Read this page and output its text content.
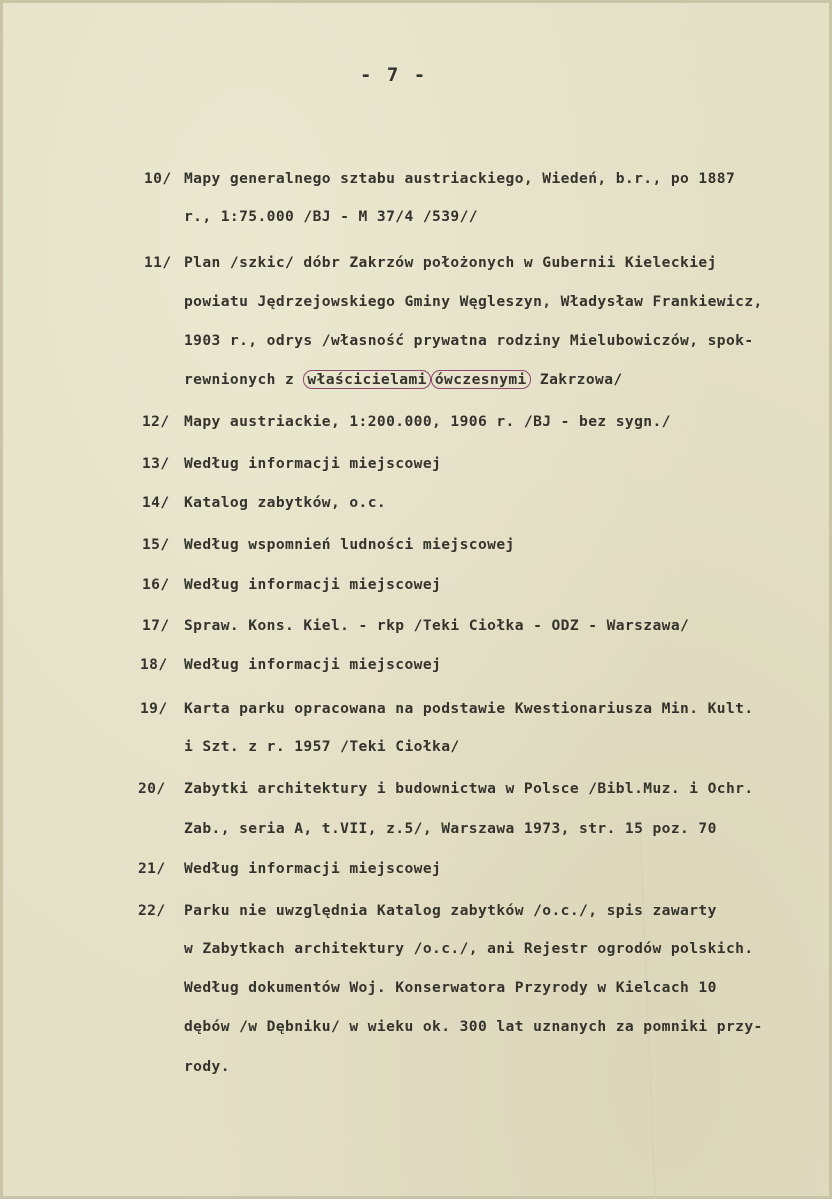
- 7 -
10/ Mapy generalnego sztabu austriackiego, Wiedeń, b.r., po 1887
r., 1:75.000 /BJ - M 37/4 /539//
11/ Plan /szkic/ dóbr Zakrzów położonych w Gubernii Kieleckiej
powiatu Jędrzejowskiego Gminy Węgleszyn, Władysław Frankiewicz,
1903 r., odrys /własność prywatna rodziny Mielubowiczów, spok-
rewnionych z właścicielami ówczesnymi Zakrzowa/
12/ Mapy austriackie, 1:200.000, 1906 r. /BJ - bez sygn./
13/ Według informacji miejscowej
14/ Katalog zabytków, o.c.
15/ Według wspomnień ludności miejscowej
16/ Według informacji miejscowej
17/ Spraw. Kons. Kiel. - rkp /Teki Ciołka - ODZ - Warszawa/
18/	Według informacji miejscowej
19/	Karta parku opracowana na podstawie Kwestionariusza Min. Kult.
i Szt. z r. 1957 /Teki Ciołka/
20/	Zabytki architektury i budownictwa w Polsce /Bibl.Muz. i Ochr.
Zab., seria A, t.VII, z.5/, Warszawa 1973, str. 15 poz. 70
21/	Według informacji miejscowej
22/	Parku nie uwzględnia Katalog zabytków /o.c./, spis zawarty
w Zabytkach architektury /o.c./, ani Rejestr ogrodów polskich.
Według dokumentów Woj. Konserwatora Przyrody w Kielcach 10
dębów /w Dębniku/ w wieku ok. 300 lat uznanych za pomniki przy-
rody.
